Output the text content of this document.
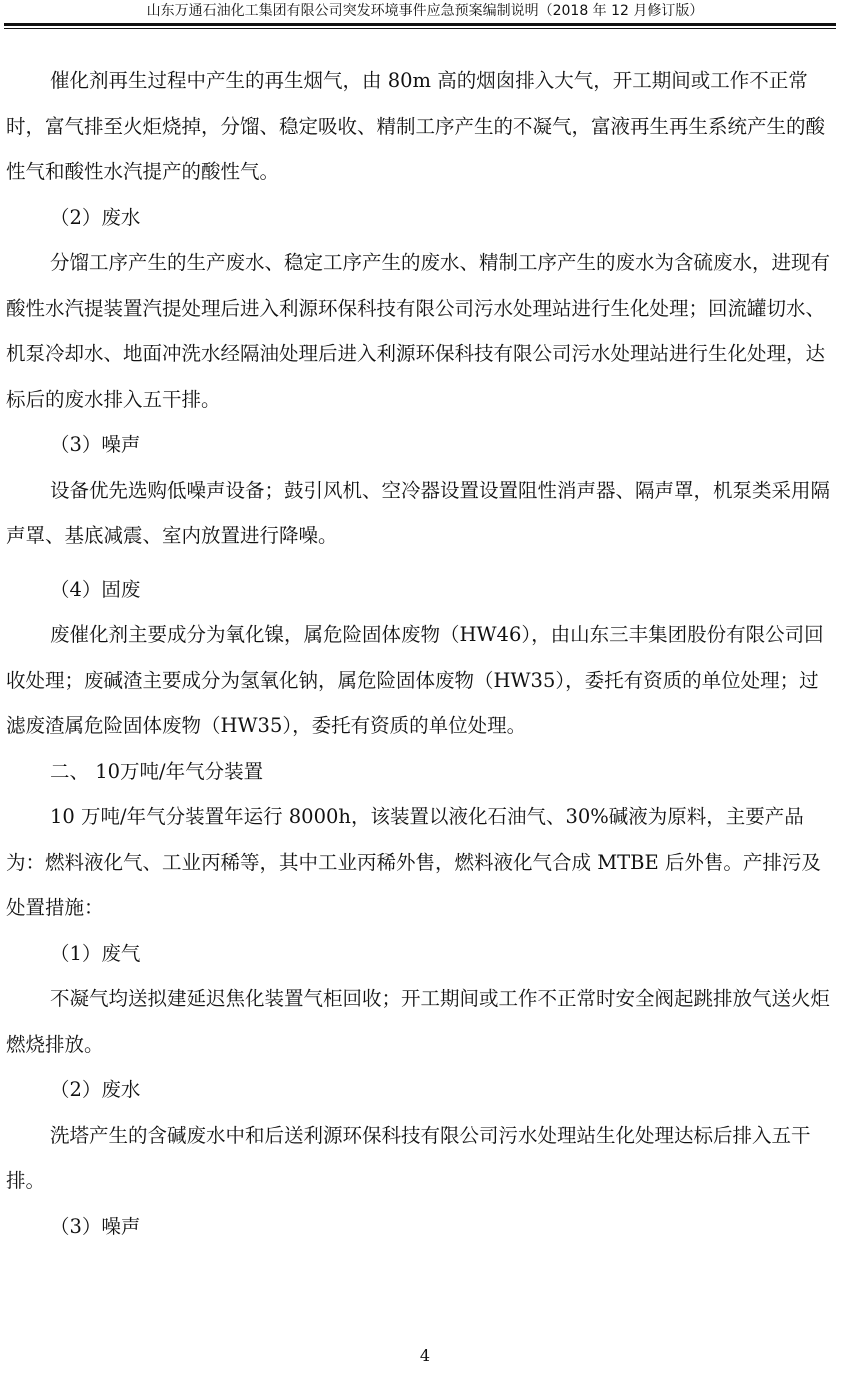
山东万通石油化工集团有限公司突发环境事件应急预案编制说明（2018 年 12 月修订版）

催化剂再生过程中产生的再生烟气，由 80m 高的烟囱排入大气，开工期间或工作不正常时，富气排至火炬烧掉，分馏、稳定吸收、精制工序产生的不凝气，富液再生再生系统产生的酸性气和酸性水汽提产的酸性气。

（2）废水

分馏工序产生的生产废水、稳定工序产生的废水、精制工序产生的废水为含硫废水，进现有酸性水汽提装置汽提处理后进入利源环保科技有限公司污水处理站进行生化处理；回流罐切水、机泵冷却水、地面冲洗水经隔油处理后进入利源环保科技有限公司污水处理站进行生化处理，达标后的废水排入五干排。

（3）噪声

设备优先选购低噪声设备；鼓引风机、空冷器设置设置阻性消声器、隔声罩，机泵类采用隔声罩、基底减震、室内放置进行降噪。

（4）固废

废催化剂主要成分为氧化镍，属危险固体废物（HW46），由山东三丰集团股份有限公司回收处理；废碱渣主要成分为氢氧化钠，属危险固体废物（HW35），委托有资质的单位处理；过滤废渣属危险固体废物（HW35），委托有资质的单位处理。

二、 10万吨/年气分装置

10 万吨/年气分装置年运行 8000h，该装置以液化石油气、30%碱液为原料，主要产品为：燃料液化气、工业丙稀等，其中工业丙稀外售，燃料液化气合成 MTBE 后外售。产排污及处置措施：

（1）废气

不凝气均送拟建延迟焦化装置气柜回收；开工期间或工作不正常时安全阀起跳排放气送火炬燃烧排放。

（2）废水

洗塔产生的含碱废水中和后送利源环保科技有限公司污水处理站生化处理达标后排入五干排。

（3）噪声

4
